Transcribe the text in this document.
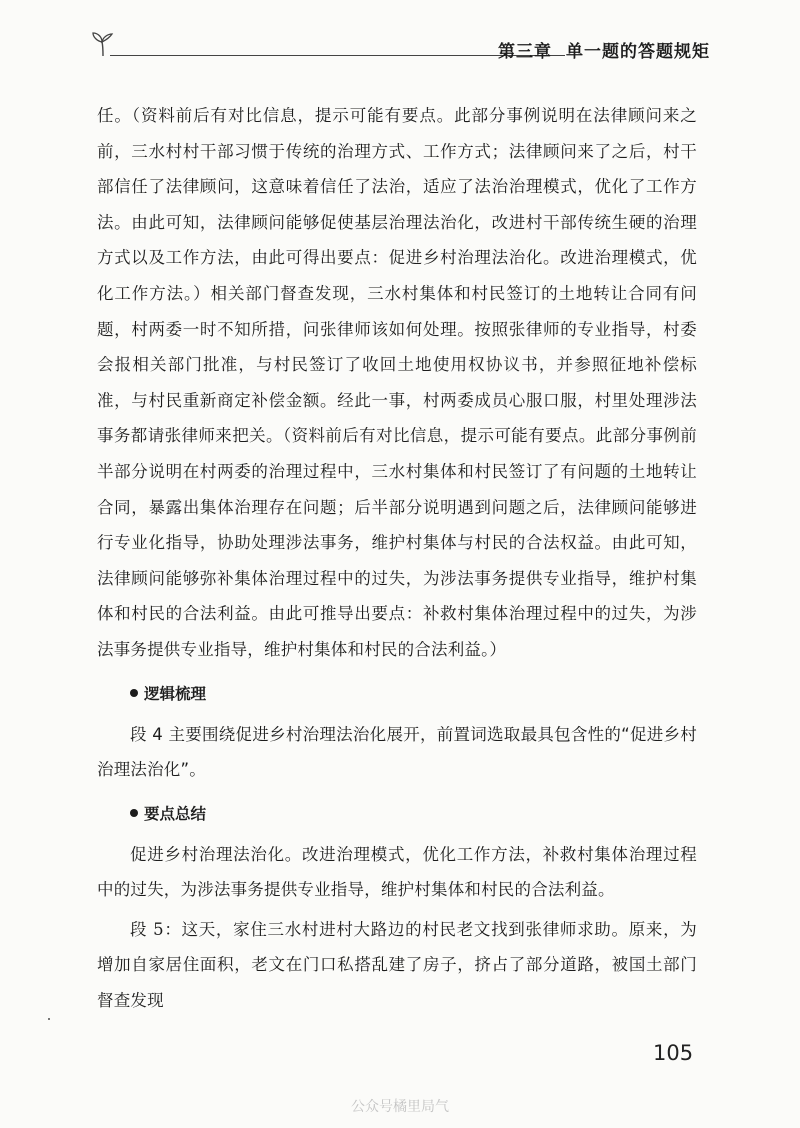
第三章 单一题的答题规矩

任。（资料前后有对比信息，提示可能有要点。此部分事例说明在法律顾问来之前，三水村村干部习惯于传统的治理方式、工作方式；法律顾问来了之后，村干部信任了法律顾问，这意味着信任了法治，适应了法治治理模式，优化了工作方法。由此可知，法律顾问能够促使基层治理法治化，改进村干部传统生硬的治理方式以及工作方法，由此可得出要点：促进乡村治理法治化。改进治理模式，优化工作方法。）相关部门督查发现，三水村集体和村民签订的土地转让合同有问题，村两委一时不知所措，问张律师该如何处理。按照张律师的专业指导，村委会报相关部门批准，与村民签订了收回土地使用权协议书，并参照征地补偿标准，与村民重新商定补偿金额。经此一事，村两委成员心服口服，村里处理涉法事务都请张律师来把关。（资料前后有对比信息，提示可能有要点。此部分事例前半部分说明在村两委的治理过程中，三水村集体和村民签订了有问题的土地转让合同，暴露出集体治理存在问题；后半部分说明遇到问题之后，法律顾问能够进行专业化指导，协助处理涉法事务，维护村集体与村民的合法权益。由此可知，法律顾问能够弥补集体治理过程中的过失，为涉法事务提供专业指导，维护村集体和村民的合法利益。由此可推导出要点：补救村集体治理过程中的过失，为涉法事务提供专业指导，维护村集体和村民的合法利益。）

逻辑梳理

段 4 主要围绕促进乡村治理法治化展开，前置词选取最具包含性的“促进乡村治理法治化”。

要点总结

促进乡村治理法治化。改进治理模式，优化工作方法，补救村集体治理过程中的过失，为涉法事务提供专业指导，维护村集体和村民的合法利益。

段 5：这天，家住三水村进村大路边的村民老文找到张律师求助。原来，为增加自家居住面积，老文在门口私搭乱建了房子，挤占了部分道路，被国土部门督查发现

105
公众号橘里局气
